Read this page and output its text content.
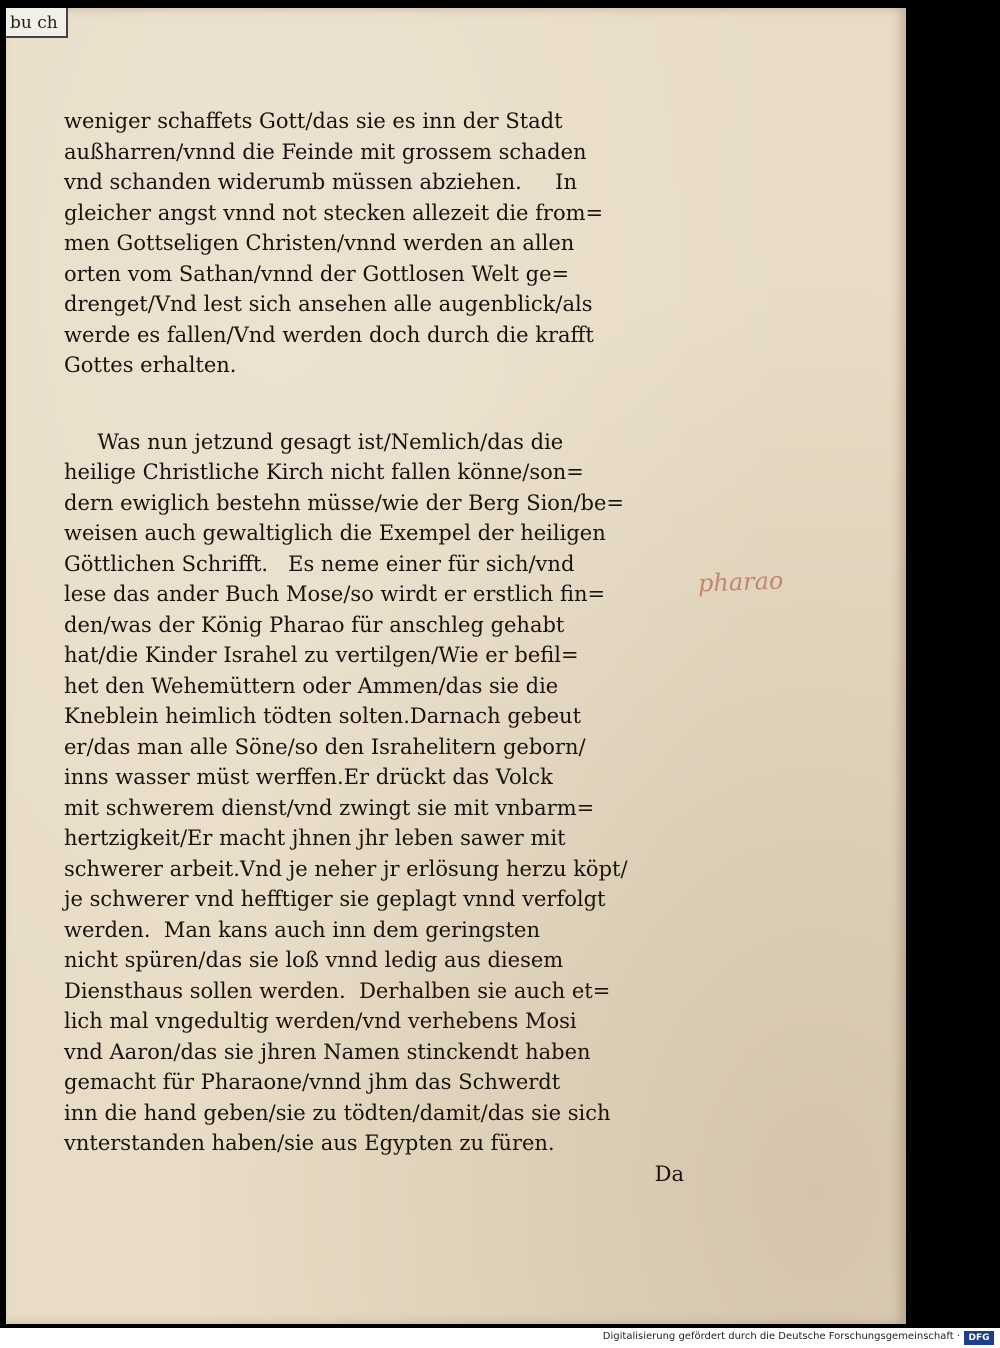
bu ch
weniger schaffets Gott/das sie es inn der Stadt
außharren/vnnd die Feinde mit grossem schaden
vnd schanden widerumb müssen abziehen.     In
gleicher angst vnnd not stecken allezeit die from=
men Gottseligen Christen/vnnd werden an allen
orten vom Sathan/vnnd der Gottlosen Welt ge=
drenget/Vnd lest sich ansehen alle augenblick/als
werde es fallen/Vnd werden doch durch die krafft
Gottes erhalten.
Was nun jetzund gesagt ist/Nemlich/das die
heilige Christliche Kirch nicht fallen könne/son=
dern ewiglich bestehn müsse/wie der Berg Sion/be=
weisen auch gewaltiglich die Exempel der heiligen
Göttlichen Schrifft.   Es neme einer für sich/vnd
lese das ander Buch Mose/so wirdt er erstlich fin=
den/was der König Pharao für anschleg gehabt
hat/die Kinder Israhel zu vertilgen/Wie er befil=
het den Wehemüttern oder Ammen/das sie die
Kneblein heimlich tödten solten.Darnach gebeut
er/das man alle Söne/so den Israhelitern geborn/
inns wasser müst werffen.Er drückt das Volck
mit schwerem dienst/vnd zwingt sie mit vnbarm=
hertzigkeit/Er macht jhnen jhr leben sawer mit
schwerer arbeit.Vnd je neher jr erlösung herzu köpt/
je schwerer vnd hefftiger sie geplagt vnnd verfolgt
werden.  Man kans auch inn dem geringsten
nicht spüren/das sie loß vnnd ledig aus diesem
Diensthaus sollen werden.  Derhalben sie auch et=
lich mal vngedultig werden/vnd verhebens Mosi
vnd Aaron/das sie jhren Namen stinckendt haben
gemacht für Pharaone/vnnd jhm das Schwerdt
inn die hand geben/sie zu tödten/damit/das sie sich
vnterstanden haben/sie aus Egypten zu füren.
Da
pharao
Digitalisierung gefördert durch die Deutsche Forschungsgemeinschaft · DFG
